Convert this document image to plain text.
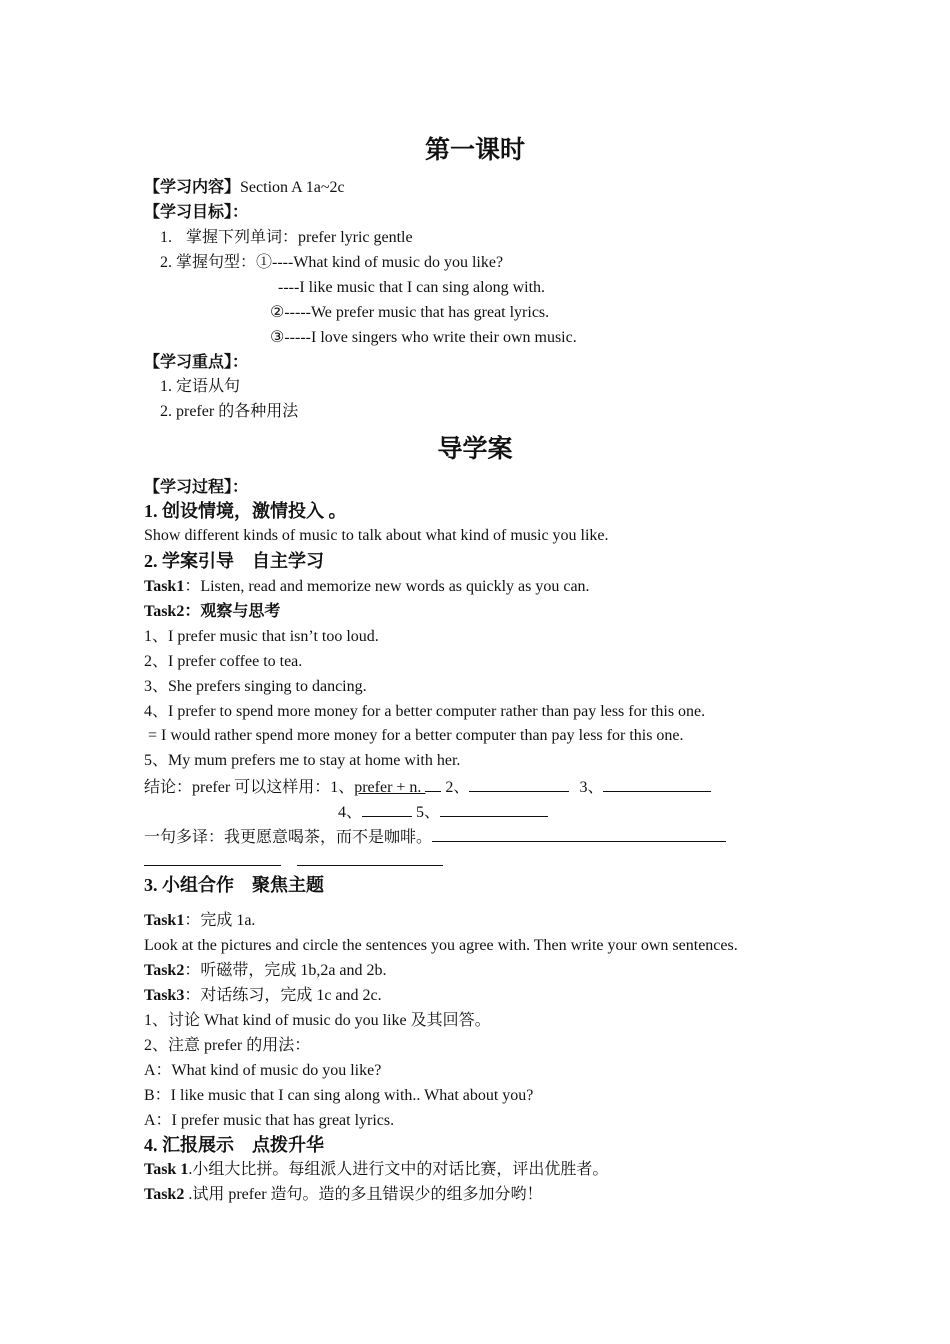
第一课时
【学习内容】Section A 1a~2c
【学习目标】：
1. 掌握下列单词：prefer lyric gentle
2. 掌握句型：①----What kind of music do you like?
----I like music that I can sing along with.
②-----We prefer music that has great lyrics.
③-----I love singers who write their own music.
【学习重点】：
1. 定语从句
2. prefer 的各种用法
导学案
【学习过程】：
1. 创设情境，激情投入 。
Show different kinds of music to talk about what kind of music you like.
2. 学案引导　自主学习
Task1：Listen, read and memorize new words as quickly as you can.
Task2：观察与思考
1、I prefer music that isn’t too loud.
2、I prefer coffee to tea.
3、She prefers singing to dancing.
4、I prefer to spend more money for a better computer rather than pay less for this one.
= I would rather spend more money for a better computer than pay less for this one.
5、My mum prefers me to stay at home with her.
结论：prefer 可以这样用：1、prefer + n.  2、	3、
4、	5、
一句多译：我更愿意喝茶，而不是咖啡。

3. 小组合作　聚焦主题
Task1：完成 1a.
Look at the pictures and circle the sentences you agree with. Then write your own sentences.
Task2：听磁带，完成 1b,2a and 2b.
Task3：对话练习，完成 1c and 2c.
1、讨论 What kind of music do you like 及其回答。
2、注意 prefer 的用法：
A：What kind of music do you like?
B：I like music that I can sing along with.. What about you?
A：I prefer music that has great lyrics.
4. 汇报展示　点拨升华
Task 1.小组大比拼。每组派人进行文中的对话比赛，评出优胜者。
Task2 .试用 prefer 造句。造的多且错误少的组多加分哟！
